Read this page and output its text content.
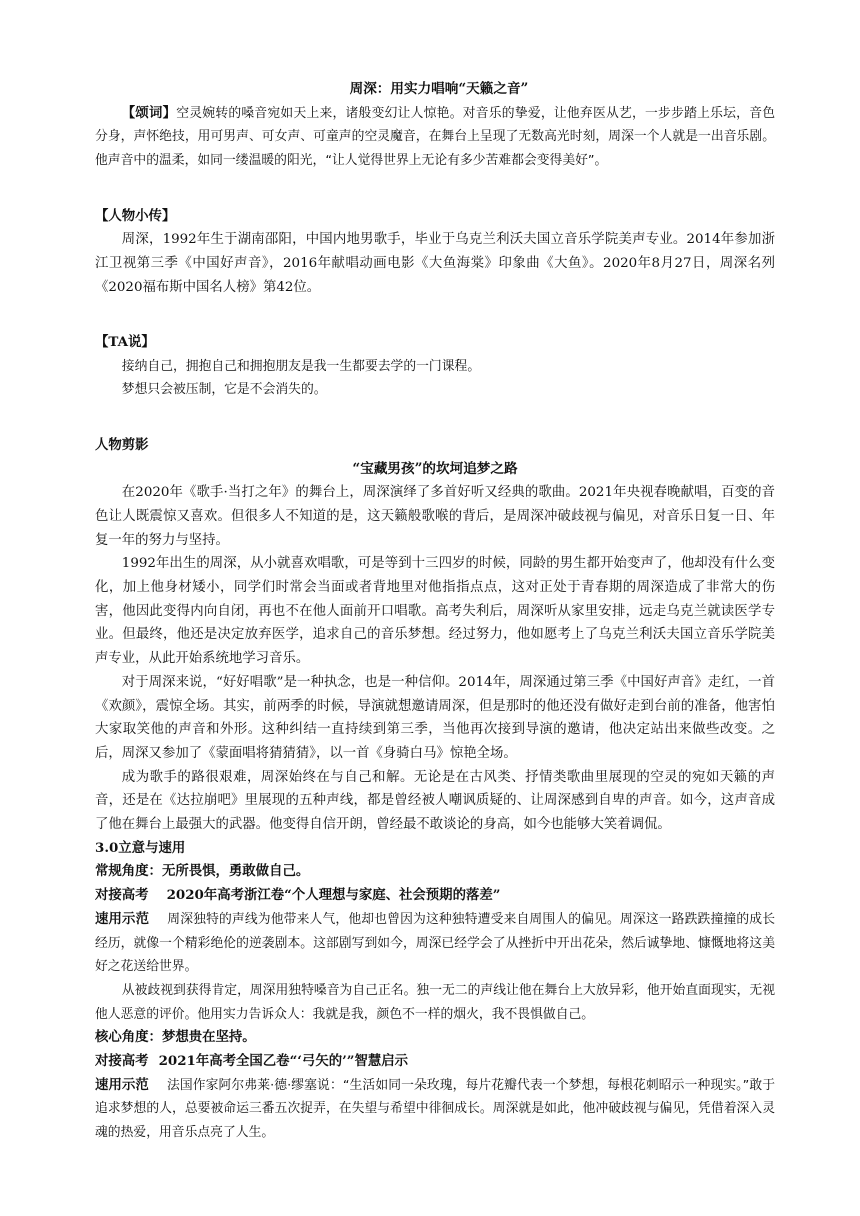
周深：用实力唱响“天籁之音”

【颂词】空灵婉转的嗓音宛如天上来，诸般变幻让人惊艳。对音乐的挚爱，让他弃医从艺，一步步踏上乐坛，音色分身，声怀绝技，用可男声、可女声、可童声的空灵魔音，在舞台上呈现了无数高光时刻，周深一个人就是一出音乐剧。他声音中的温柔，如同一缕温暖的阳光，“让人觉得世界上无论有多少苦难都会变得美好”。

【人物小传】

周深，1992年生于湖南邵阳，中国内地男歌手，毕业于乌克兰利沃夫国立音乐学院美声专业。2014年参加浙江卫视第三季《中国好声音》，2016年献唱动画电影《大鱼海棠》印象曲《大鱼》。2020年8月27日，周深名列《2020福布斯中国名人榜》第42位。

【TA说】

接纳自己，拥抱自己和拥抱朋友是我一生都要去学的一门课程。

梦想只会被压制，它是不会消失的。

人物剪影

“宝藏男孩”的坎坷追梦之路

在2020年《歌手·当打之年》的舞台上，周深演绎了多首好听又经典的歌曲。2021年央视春晚献唱，百变的音色让人既震惊又喜欢。但很多人不知道的是，这天籁般歌喉的背后，是周深冲破歧视与偏见，对音乐日复一日、年复一年的努力与坚持。

1992年出生的周深，从小就喜欢唱歌，可是等到十三四岁的时候，同龄的男生都开始变声了，他却没有什么变化，加上他身材矮小，同学们时常会当面或者背地里对他指指点点，这对正处于青春期的周深造成了非常大的伤害，他因此变得内向自闭，再也不在他人面前开口唱歌。高考失利后，周深听从家里安排，远走乌克兰就读医学专业。但最终，他还是决定放弃医学，追求自己的音乐梦想。经过努力，他如愿考上了乌克兰利沃夫国立音乐学院美声专业，从此开始系统地学习音乐。

对于周深来说，“好好唱歌”是一种执念，也是一种信仰。2014年，周深通过第三季《中国好声音》走红，一首《欢颜》，震惊全场。其实，前两季的时候，导演就想邀请周深，但是那时的他还没有做好走到台前的准备，他害怕大家取笑他的声音和外形。这种纠结一直持续到第三季，当他再次接到导演的邀请，他决定站出来做些改变。之后，周深又参加了《蒙面唱将猜猜猜》，以一首《身骑白马》惊艳全场。

成为歌手的路很艰难，周深始终在与自己和解。无论是在古风类、抒情类歌曲里展现的空灵的宛如天籁的声音，还是在《达拉崩吧》里展现的五种声线，都是曾经被人嘲讽质疑的、让周深感到自卑的声音。如今，这声音成了他在舞台上最强大的武器。他变得自信开朗，曾经最不敢谈论的身高，如今也能够大笑着调侃。

3.0立意与速用

常规角度：无所畏惧，勇敢做自己。

对接高考 2020年高考浙江卷“个人理想与家庭、社会预期的落差”

速用示范 周深独特的声线为他带来人气，他却也曾因为这种独特遭受来自周围人的偏见。周深这一路跌跌撞撞的成长经历，就像一个精彩绝伦的逆袭剧本。这部剧写到如今，周深已经学会了从挫折中开出花朵，然后诚挚地、慷慨地将这美好之花送给世界。

从被歧视到获得肯定，周深用独特嗓音为自己正名。独一无二的声线让他在舞台上大放异彩，他开始直面现实，无视他人恶意的评价。他用实力告诉众人：我就是我，颜色不一样的烟火，我不畏惧做自己。

核心角度：梦想贵在坚持。

对接高考 2021年高考全国乙卷“‘弓矢的’”智慧启示

速用示范 法国作家阿尔弗莱·德·缪塞说：“生活如同一朵玫瑰，每片花瓣代表一个梦想，每根花刺昭示一种现实。”敢于追求梦想的人，总要被命运三番五次捉弄，在失望与希望中徘徊成长。周深就是如此，他冲破歧视与偏见，凭借着深入灵魂的热爱，用音乐点亮了人生。
